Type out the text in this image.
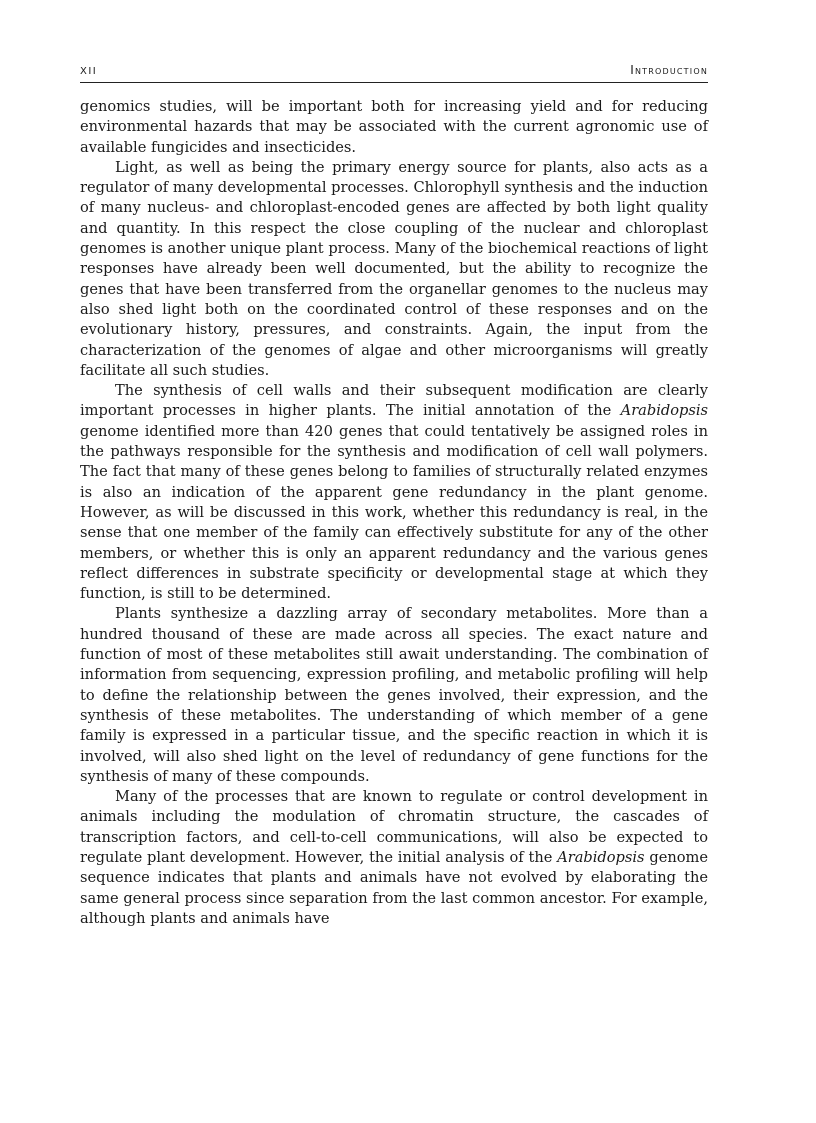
xii	Introduction

genomics studies, will be important both for increasing yield and for reducing environmental hazards that may be associated with the current agronomic use of available fungicides and insecticides.

Light, as well as being the primary energy source for plants, also acts as a regulator of many developmental processes. Chlorophyll synthesis and the induction of many nucleus- and chloroplast-encoded genes are affected by both light quality and quantity. In this respect the close coupling of the nuclear and chloroplast genomes is another unique plant process. Many of the biochemical reactions of light responses have already been well documented, but the ability to recognize the genes that have been transferred from the organellar genomes to the nucleus may also shed light both on the coordinated control of these responses and on the evolutionary history, pressures, and constraints. Again, the input from the characterization of the genomes of algae and other microorganisms will greatly facilitate all such studies.

The synthesis of cell walls and their subsequent modification are clearly important processes in higher plants. The initial annotation of the Arabidopsis genome identified more than 420 genes that could tentatively be assigned roles in the pathways responsible for the synthesis and modification of cell wall polymers. The fact that many of these genes belong to families of structurally related enzymes is also an indication of the apparent gene redundancy in the plant genome. However, as will be discussed in this work, whether this redundancy is real, in the sense that one member of the family can effectively substitute for any of the other members, or whether this is only an apparent redundancy and the various genes reflect differences in substrate specificity or developmental stage at which they function, is still to be determined.

Plants synthesize a dazzling array of secondary metabolites. More than a hundred thousand of these are made across all species. The exact nature and function of most of these metabolites still await understanding. The combination of information from sequencing, expression profiling, and metabolic profiling will help to define the relationship between the genes involved, their expression, and the synthesis of these metabolites. The understanding of which member of a gene family is expressed in a particular tissue, and the specific reaction in which it is involved, will also shed light on the level of redundancy of gene functions for the synthesis of many of these compounds.

Many of the processes that are known to regulate or control development in animals including the modulation of chromatin structure, the cascades of transcription factors, and cell-to-cell communications, will also be expected to regulate plant development. However, the initial analysis of the Arabidopsis genome sequence indicates that plants and animals have not evolved by elaborating the same general process since separation from the last common ancestor. For example, although plants and animals have
